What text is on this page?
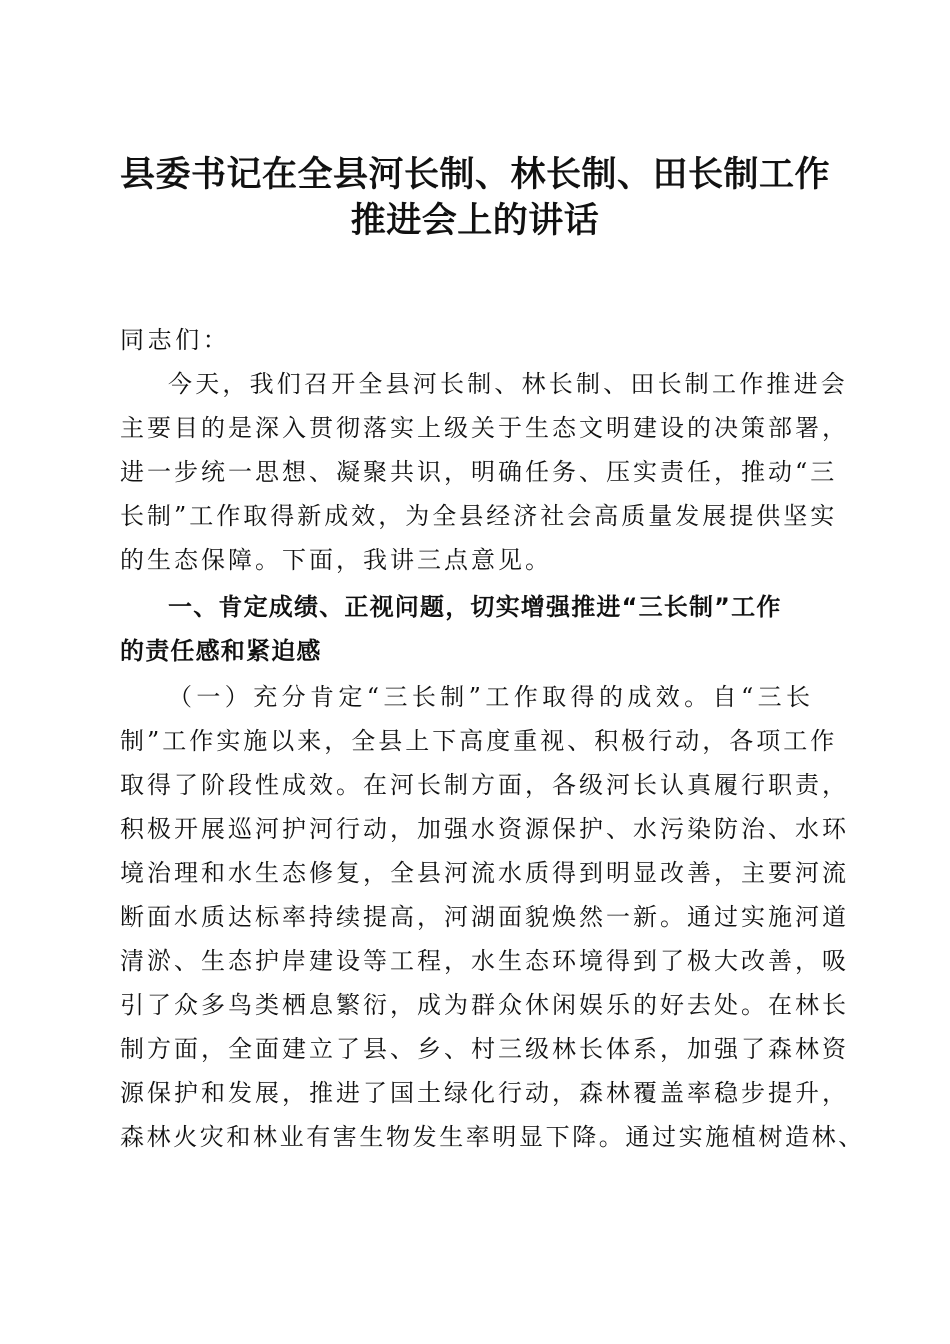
县委书记在全县河长制、林长制、田长制工作
推进会上的讲话
同志们：
今天，我们召开全县河长制、林长制、田长制工作推进会
主要目的是深入贯彻落实上级关于生态文明建设的决策部署，
进一步统一思想、凝聚共识，明确任务、压实责任，推动“三
长制”工作取得新成效，为全县经济社会高质量发展提供坚实
的生态保障。下面，我讲三点意见。
一、肯定成绩、正视问题，切实增强推进“三长制”工作
的责任感和紧迫感
（一）充分肯定“三长制”工作取得的成效。自“三长
制”工作实施以来，全县上下高度重视、积极行动，各项工作
取得了阶段性成效。在河长制方面，各级河长认真履行职责，
积极开展巡河护河行动，加强水资源保护、水污染防治、水环
境治理和水生态修复，全县河流水质得到明显改善，主要河流
断面水质达标率持续提高，河湖面貌焕然一新。通过实施河道
清淤、生态护岸建设等工程，水生态环境得到了极大改善，吸
引了众多鸟类栖息繁衍，成为群众休闲娱乐的好去处。在林长
制方面，全面建立了县、乡、村三级林长体系，加强了森林资
源保护和发展，推进了国土绿化行动，森林覆盖率稳步提升，
森林火灾和林业有害生物发生率明显下降。通过实施植树造林、
